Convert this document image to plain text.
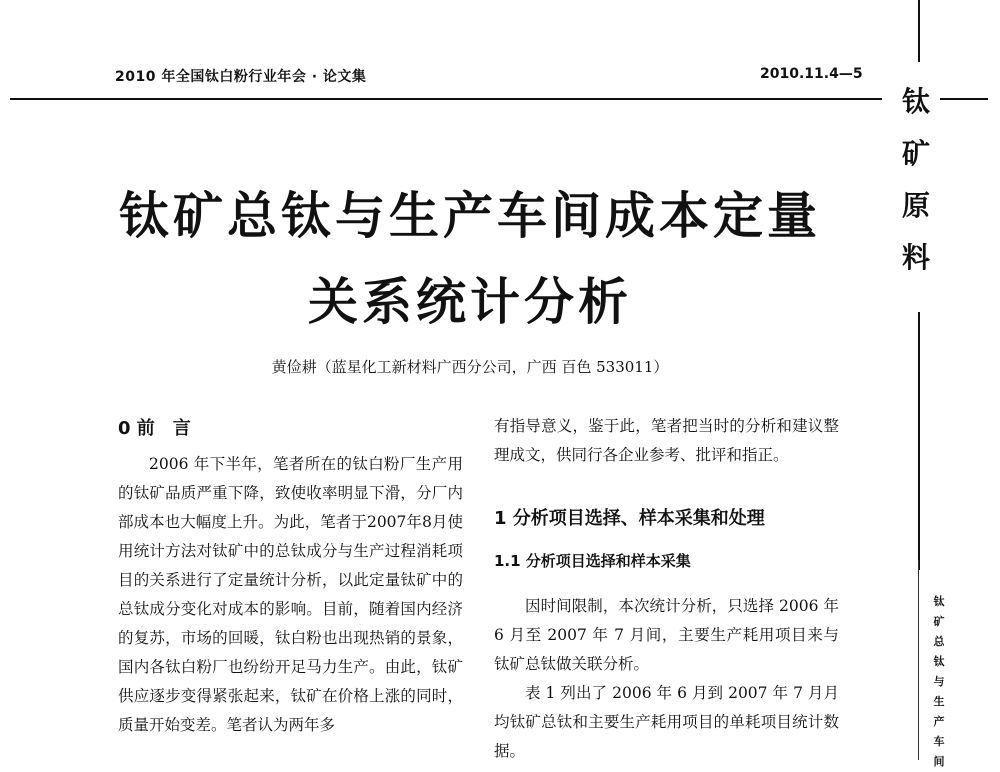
2010 年全国钛白粉行业年会 · 论文集	2010.11.4—5
钛
矿
原
料
钛
矿
总
钛
与
生
产
车
间
钛矿总钛与生产车间成本定量
关系统计分析
黄俭耕（蓝星化工新材料广西分公司，广西 百色 533011）
0 前　言

2006 年下半年，笔者所在的钛白粉厂生产用的钛矿品质严重下降，致使收率明显下滑，分厂内部成本也大幅度上升。为此，笔者于2007年8月使用统计方法对钛矿中的总钛成分与生产过程消耗项目的关系进行了定量统计分析，以此定量钛矿中的总钛成分变化对成本的影响。目前，随着国内经济的复苏，市场的回暖，钛白粉也出现热销的景象，国内各钛白粉厂也纷纷开足马力生产。由此，钛矿供应逐步变得紧张起来，钛矿在价格上涨的同时，质量开始变差。笔者认为两年多

有指导意义，鉴于此，笔者把当时的分析和建议整理成文，供同行各企业参考、批评和指正。

1 分析项目选择、样本采集和处理
1.1 分析项目选择和样本采集

因时间限制，本次统计分析，只选择 2006 年 6 月至 2007 年 7 月间，主要生产耗用项目来与钛矿总钛做关联分析。

表 1 列出了 2006 年 6 月到 2007 年 7 月月均钛矿总钛和主要生产耗用项目的单耗项目统计数据。
